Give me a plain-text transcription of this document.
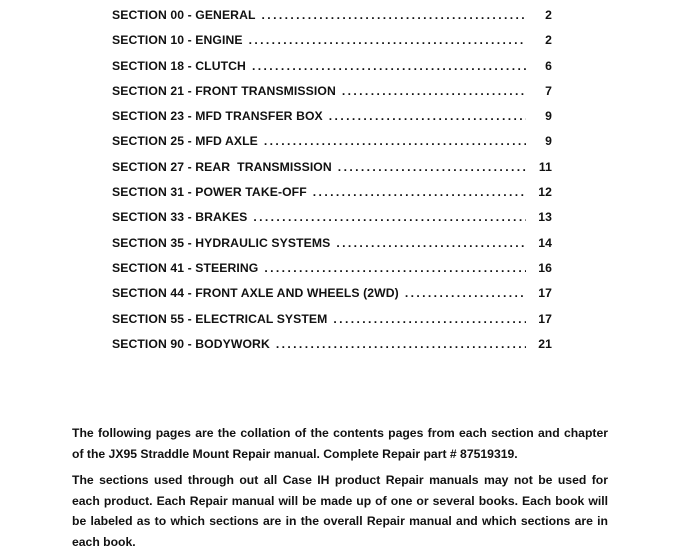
SECTION 00 - GENERAL . . .	2
SECTION 10 - ENGINE . . .	2
SECTION 18 - CLUTCH . . .	6
SECTION 21 - FRONT TRANSMISSION . . .	7
SECTION 23 - MFD TRANSFER BOX . . .	9
SECTION 25 - MFD AXLE . . .	9
SECTION 27 - REAR  TRANSMISSION . . .	11
SECTION 31 - POWER TAKE-OFF . . .	12
SECTION 33 - BRAKES . . .	13
SECTION 35 - HYDRAULIC SYSTEMS . . .	14
SECTION 41 - STEERING . . .	16
SECTION 44 - FRONT AXLE AND WHEELS (2WD) . . .	17
SECTION 55 - ELECTRICAL SYSTEM . . .	17
SECTION 90 - BODYWORK . . .	21

The following pages are the collation of the contents pages from each section and chapter of the JX95 Straddle Mount Repair manual. Complete Repair part # 87519319.

The sections used through out all Case IH product Repair manuals may not be used for each product. Each Repair manual will be made up of one or several books. Each book will be labeled as to which sections are in the overall Repair manual and which sections are in each book.
